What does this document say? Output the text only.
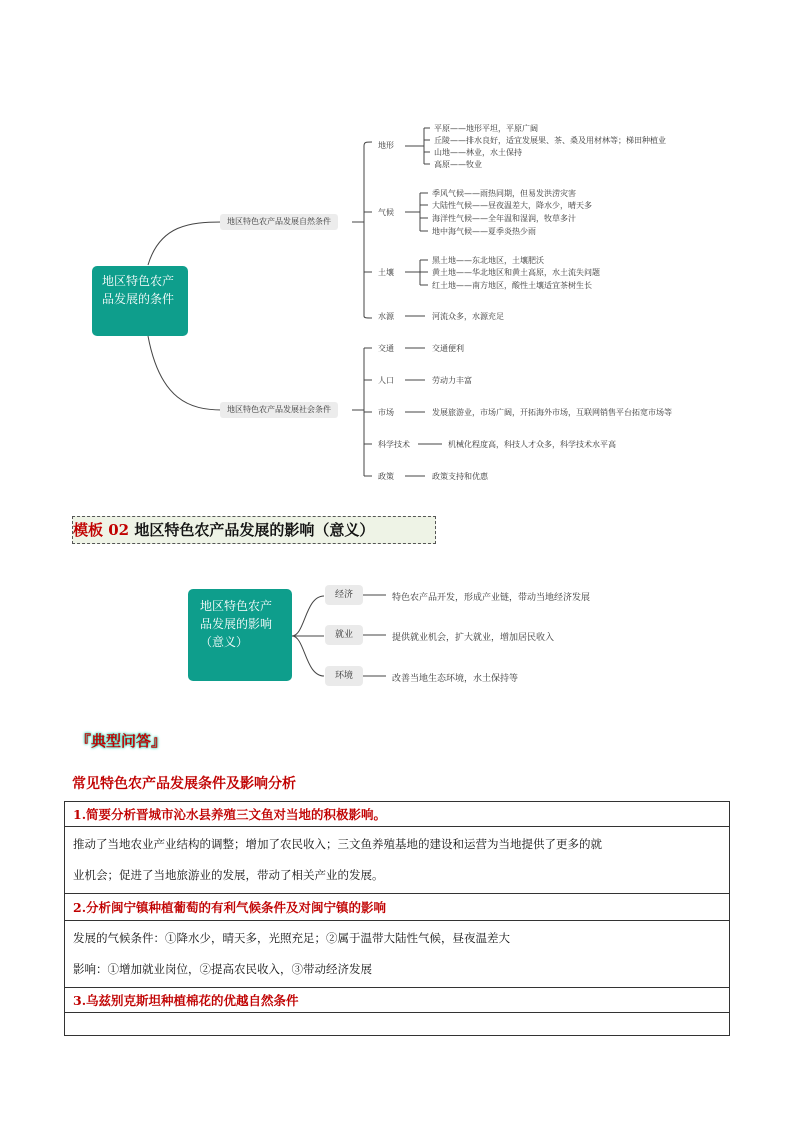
地区特色农产品发展的条件
地区特色农产品发展自然条件
地区特色农产品发展社会条件
地形
平原——地形平坦，平原广阔
丘陵——排水良好，适宜发展果、茶、桑及用材林等；梯田种植业
山地——林业，水土保持
高原——牧业
气候
季风气候——雨热同期，但易发洪涝灾害
大陆性气候——昼夜温差大，降水少，晴天多
海洋性气候——全年温和湿润，牧草多汁
地中海气候——夏季炎热少雨
土壤
黑土地——东北地区，土壤肥沃
黄土地——华北地区和黄土高原，水土流失问题
红土地——南方地区，酸性土壤适宜茶树生长
水源	河流众多，水源充足
交通	交通便利
人口	劳动力丰富
市场	发展旅游业，市场广阔，开拓海外市场，互联网销售平台拓宽市场等
科学技术	机械化程度高，科技人才众多，科学技术水平高
政策	政策支持和优惠
模板 02 地区特色农产品发展的影响（意义）
地区特色农产品发展的影响（意义）
经济	特色农产品开发，形成产业链，带动当地经济发展
就业	提供就业机会，扩大就业，增加居民收入
环境	改善当地生态环境，水土保持等
『典型问答』
常见特色农产品发展条件及影响分析
1.简要分析晋城市沁水县养殖三文鱼对当地的积极影响。

推动了当地农业产业结构的调整；增加了农民收入；三文鱼养殖基地的建设和运营为当地提供了更多的就
业机会；促进了当地旅游业的发展，带动了相关产业的发展。

2.分析闽宁镇种植葡萄的有利气候条件及对闽宁镇的影响

发展的气候条件：①降水少，晴天多，光照充足；②属于温带大陆性气候，昼夜温差大
影响：①增加就业岗位，②提高农民收入，③带动经济发展

3.乌兹别克斯坦种植棉花的优越自然条件
